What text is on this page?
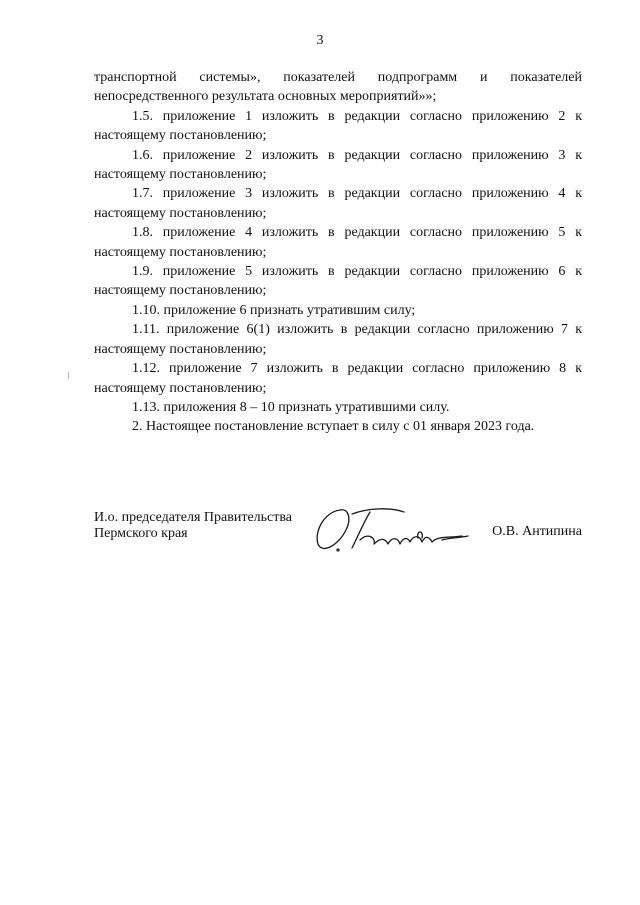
3

транспортной системы», показателей подпрограмм и показателей непосредственного результата основных мероприятий»»;

1.5. приложение 1 изложить в редакции согласно приложению 2 к настоящему постановлению;

1.6. приложение 2 изложить в редакции согласно приложению 3 к настоящему постановлению;

1.7. приложение 3 изложить в редакции согласно приложению 4 к настоящему постановлению;

1.8. приложение 4 изложить в редакции согласно приложению 5 к настоящему постановлению;

1.9. приложение 5 изложить в редакции согласно приложению 6 к настоящему постановлению;

1.10. приложение 6 признать утратившим силу;

1.11. приложение 6(1) изложить в редакции согласно приложению 7 к настоящему постановлению;

1.12. приложение 7 изложить в редакции согласно приложению 8 к настоящему постановлению;

1.13. приложения 8 – 10 признать утратившими силу.

2. Настоящее постановление вступает в силу с 01 января 2023 года.

И.о. председателя Правительства
Пермского края	О.В. Антипина
